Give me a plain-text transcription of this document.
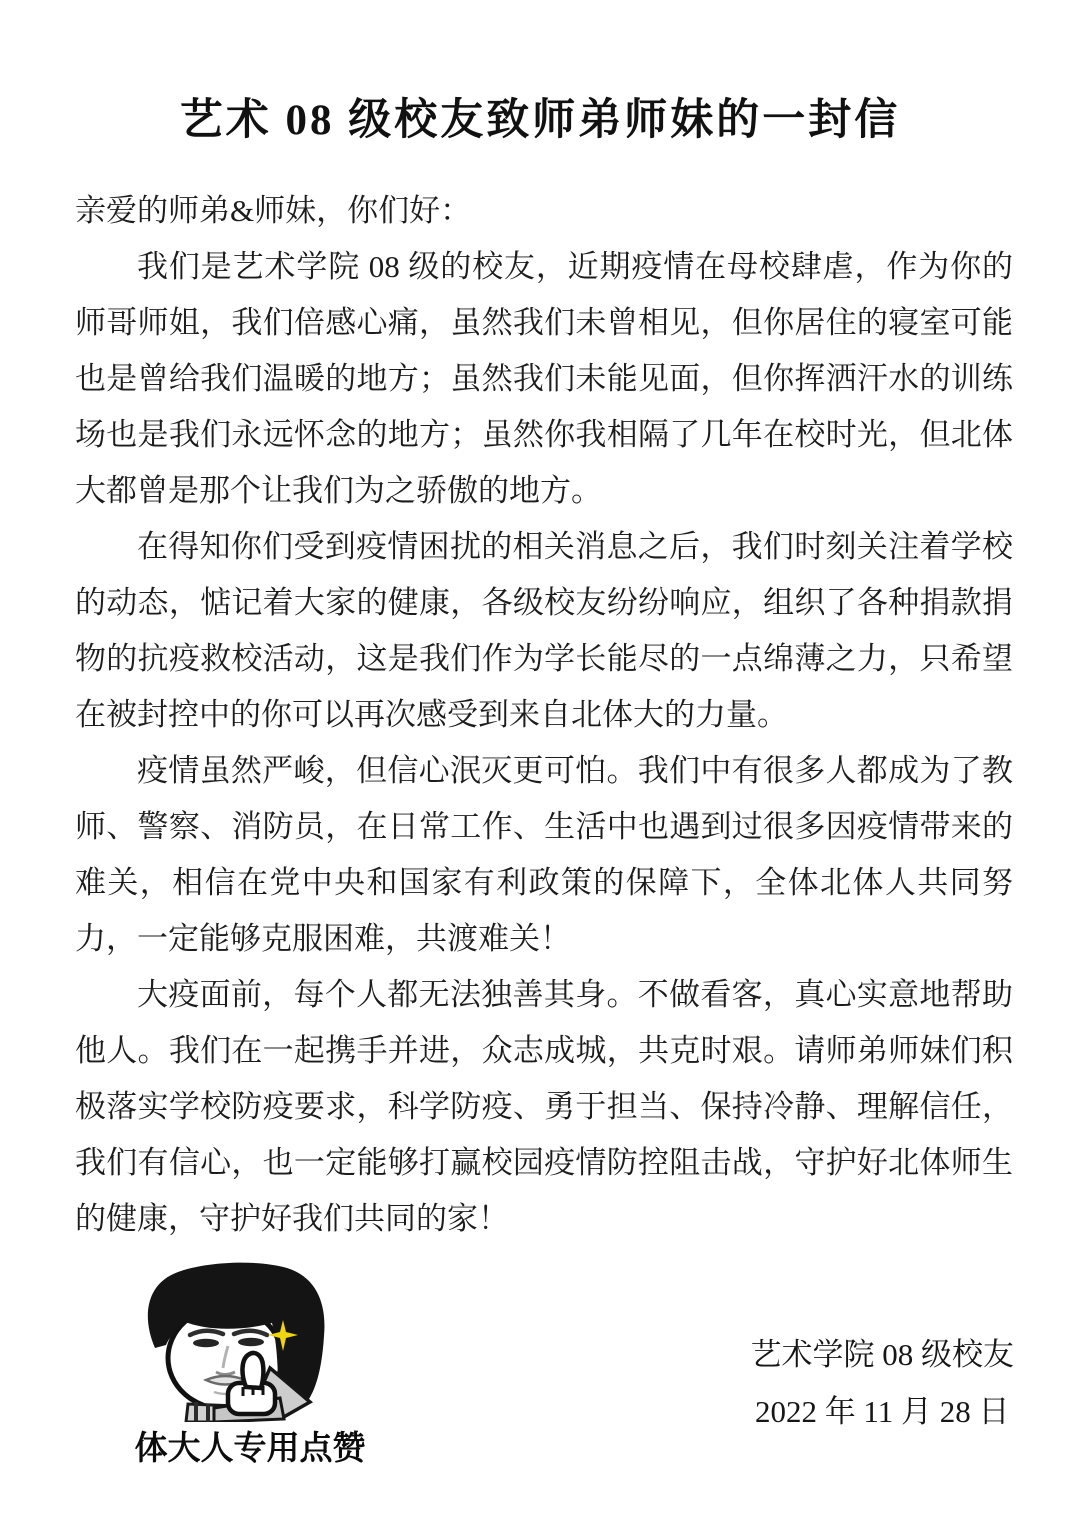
艺术 08 级校友致师弟师妹的一封信

亲爱的师弟&师妹，你们好：

我们是艺术学院 08 级的校友，近期疫情在母校肆虐，作为你的师哥师姐，我们倍感心痛，虽然我们未曾相见，但你居住的寝室可能也是曾给我们温暖的地方；虽然我们未能见面，但你挥洒汗水的训练场也是我们永远怀念的地方；虽然你我相隔了几年在校时光，但北体大都曾是那个让我们为之骄傲的地方。

在得知你们受到疫情困扰的相关消息之后，我们时刻关注着学校的动态，惦记着大家的健康，各级校友纷纷响应，组织了各种捐款捐物的抗疫救校活动，这是我们作为学长能尽的一点绵薄之力，只希望在被封控中的你可以再次感受到来自北体大的力量。

疫情虽然严峻，但信心泯灭更可怕。我们中有很多人都成为了教师、警察、消防员，在日常工作、生活中也遇到过很多因疫情带来的难关，相信在党中央和国家有利政策的保障下，全体北体人共同努力，一定能够克服困难，共渡难关！

大疫面前，每个人都无法独善其身。不做看客，真心实意地帮助他人。我们在一起携手并进，众志成城，共克时艰。请师弟师妹们积极落实学校防疫要求，科学防疫、勇于担当、保持冷静、理解信任，我们有信心，也一定能够打赢校园疫情防控阻击战，守护好北体师生的健康，守护好我们共同的家！

体大人专用点赞
艺术学院 08 级校友
2022 年 11 月 28 日
